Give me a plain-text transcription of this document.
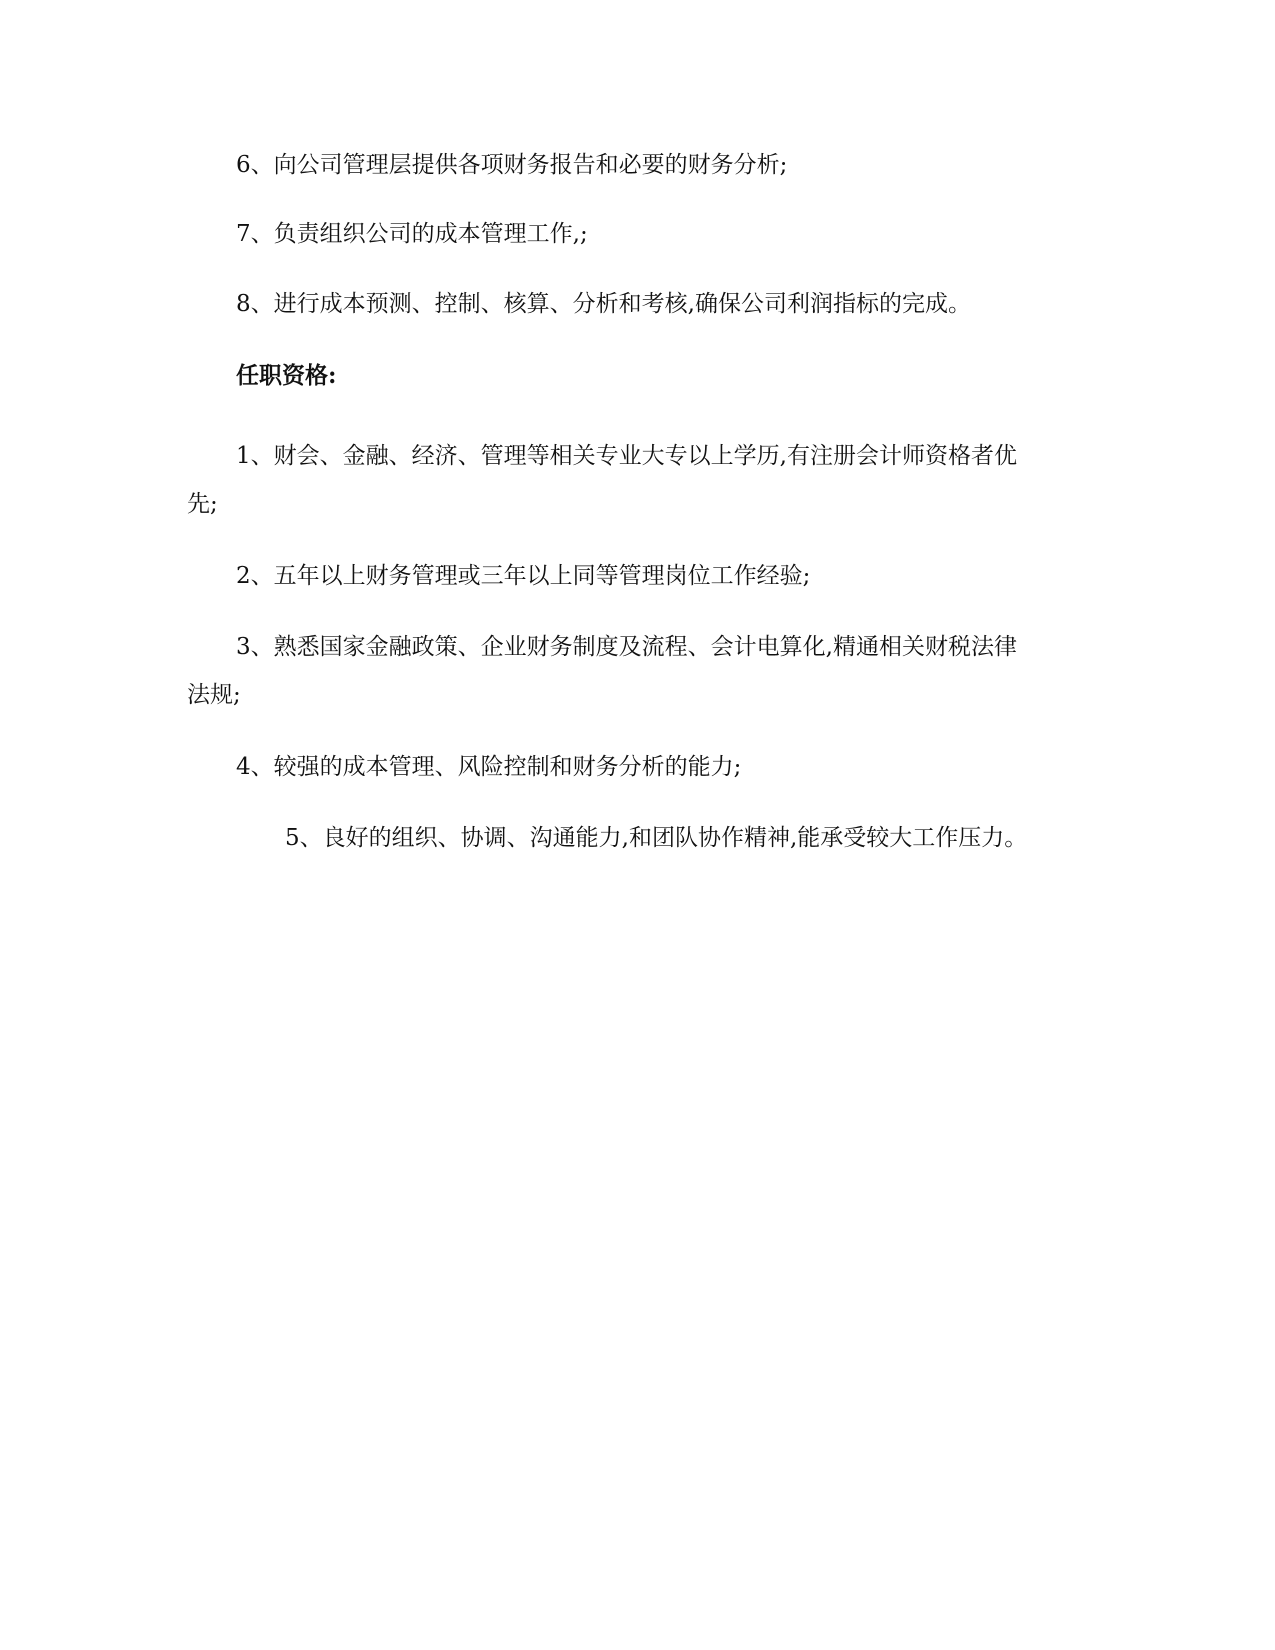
6、向公司管理层提供各项财务报告和必要的财务分析;
7、负责组织公司的成本管理工作,;
8、进行成本预测、控制、核算、分析和考核,确保公司利润指标的完成。
任职资格:
1、财会、金融、经济、管理等相关专业大专以上学历,有注册会计师资格者优
先;
2、五年以上财务管理或三年以上同等管理岗位工作经验;
3、熟悉国家金融政策、企业财务制度及流程、会计电算化,精通相关财税法律
法规;
4、较强的成本管理、风险控制和财务分析的能力;
5、良好的组织、协调、沟通能力,和团队协作精神,能承受较大工作压力。
